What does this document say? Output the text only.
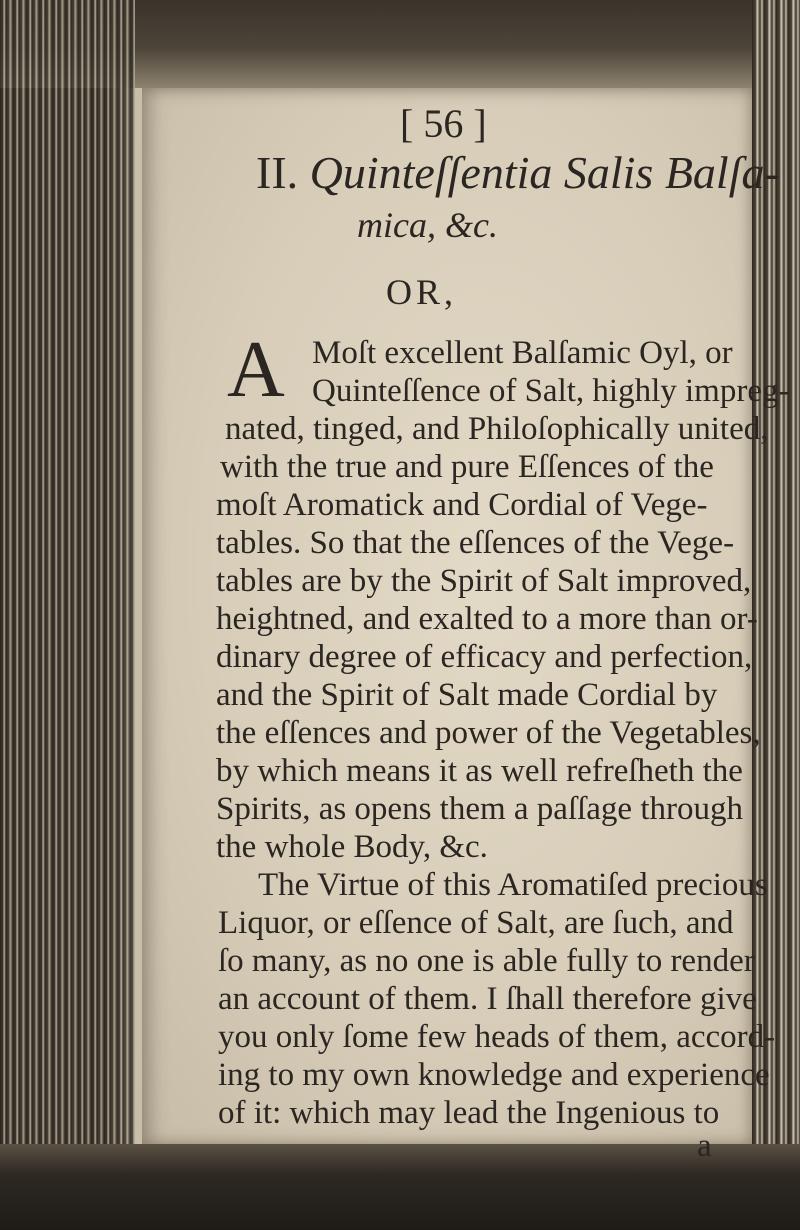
[ 56 ]
II. Quinteſſentia Salis Balſa-
mica, &c.
OR,
A Moſt excellent Balſamic Oyl, or
Quinteſſence of Salt, highly impreg-
nated, tinged, and Philoſophically united,
with the true and pure Eſſences of the
moſt Aromatick and Cordial of Vege-
tables. So that the eſſences of the Vege-
tables are by the Spirit of Salt improved,
heightned, and exalted to a more than or-
dinary degree of efficacy and perfection,
and the Spirit of Salt made Cordial by
the eſſences and power of the Vegetables,
by which means it as well refreſheth the
Spirits, as opens them a paſſage through
the whole Body, &c.
The Virtue of this Aromatiſed precious
Liquor, or eſſence of Salt, are ſuch, and
ſo many, as no one is able fully to render
an account of them. I ſhall therefore give
you only ſome few heads of them, accord-
ing to my own knowledge and experience
of it: which may lead the Ingenious to
a
